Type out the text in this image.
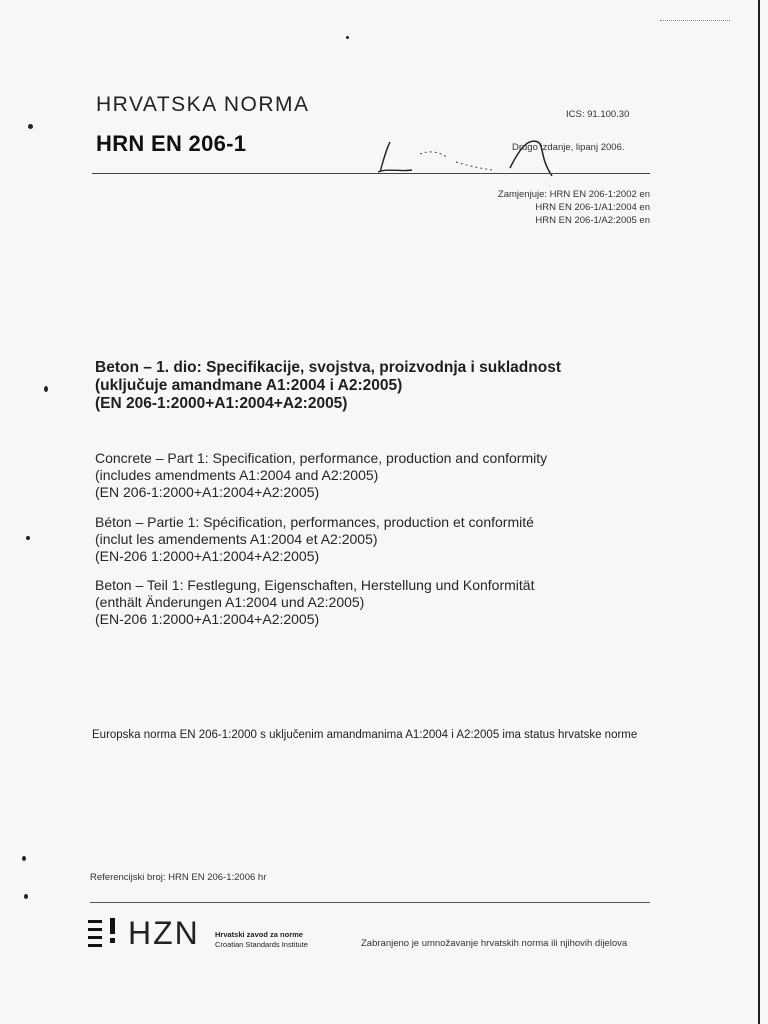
HRVATSKA NORMA
HRN EN 206-1
ICS: 91.100.30
Drugo izdanje, lipanj 2006.
Zamjenjuje: HRN EN 206-1:2002 en
HRN EN 206-1/A1:2004 en
HRN EN 206-1/A2:2005 en
Beton – 1. dio: Specifikacije, svojstva, proizvodnja i sukladnost
(uključuje amandmane A1:2004 i A2:2005)
(EN 206-1:2000+A1:2004+A2:2005)
Concrete – Part 1: Specification, performance, production and conformity
(includes amendments A1:2004 and A2:2005)
(EN 206-1:2000+A1:2004+A2:2005)
Béton – Partie 1: Spécification, performances, production et conformité
(inclut les amendements A1:2004 et A2:2005)
(EN-206 1:2000+A1:2004+A2:2005)
Beton – Teil 1: Festlegung, Eigenschaften, Herstellung und Konformität
(enthält Änderungen A1:2004 und A2:2005)
(EN-206 1:2000+A1:2004+A2:2005)
Europska norma EN 206-1:2000 s uključenim amandmanima A1:2004 i A2:2005 ima status hrvatske norme
Referencijski broj: HRN EN 206-1:2006 hr
HZN Hrvatski zavod za norme
Croatian Standards Institute	Zabranjeno je umnožavanje hrvatskih norma ili njihovih dijelova
